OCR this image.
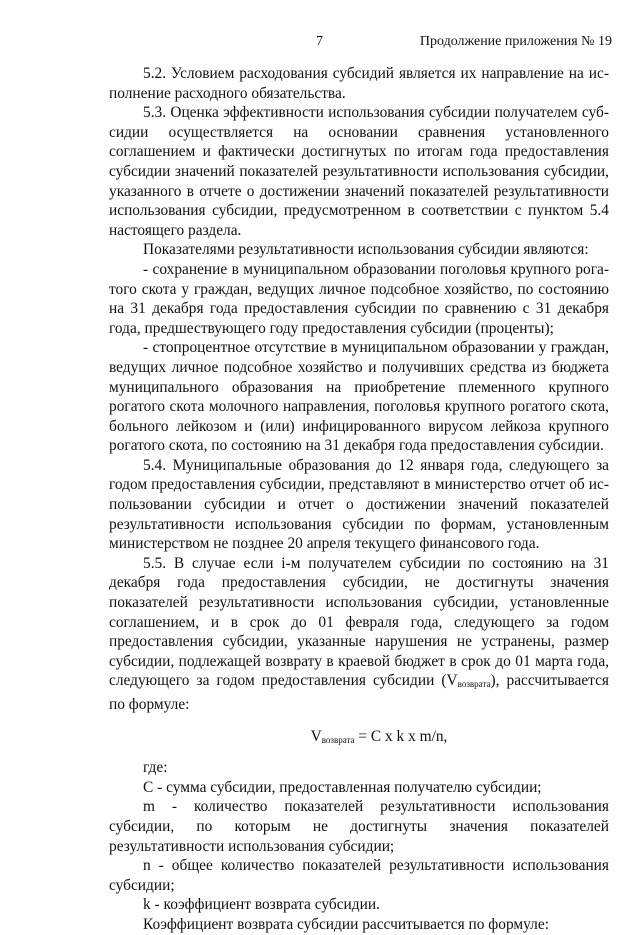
7	Продолжение приложения № 19

5.2. Условием расходования субсидий является их направление на исполнение расходного обязательства.

5.3. Оценка эффективности использования субсидии получателем субсидии осуществляется на основании сравнения установленного соглашением и фактически достигнутых по итогам года предоставления субсидии значений показателей результативности использования субсидии, указанного в отчете о достижении значений показателей результативности использования субсидии, предусмотренном в соответствии с пунктом 5.4 настоящего раздела.

Показателями результативности использования субсидии являются:

- сохранение в муниципальном образовании поголовья крупного рогатого скота у граждан, ведущих личное подсобное хозяйство, по состоянию на 31 декабря года предоставления субсидии по сравнению с 31 декабря года, предшествующего году предоставления субсидии (проценты);

- стопроцентное отсутствие в муниципальном образовании у граждан, ведущих личное подсобное хозяйство и получивших средства из бюджета муниципального образования на приобретение племенного крупного рогатого скота молочного направления, поголовья крупного рогатого скота, больного лейкозом и (или) инфицированного вирусом лейкоза крупного рогатого скота, по состоянию на 31 декабря года предоставления субсидии.

5.4. Муниципальные образования до 12 января года, следующего за годом предоставления субсидии, представляют в министерство отчет об использовании субсидии и отчет о достижении значений показателей результативности использования субсидии по формам, установленным министерством не позднее 20 апреля текущего финансового года.

5.5. В случае если i-м получателем субсидии по состоянию на 31 декабря года предоставления субсидии, не достигнуты значения показателей результативности использования субсидии, установленные соглашением, и в срок до 01 февраля года, следующего за годом предоставления субсидии, указанные нарушения не устранены, размер субсидии, подлежащей возврату в краевой бюджет в срок до 01 марта года, следующего за годом предоставления субсидии $(V_{возврата})$, рассчитывается по формуле:

$V_{возврата} = C$ x k x m/n,

где:

C - сумма субсидии, предоставленная получателю субсидии;

m - количество показателей результативности использования субсидии, по которым не достигнуты значения показателей результативности использования субсидии;

n - общее количество показателей результативности использования субсидии;

k - коэффициент возврата субсидии.

Коэффициент возврата субсидии рассчитывается по формуле:
